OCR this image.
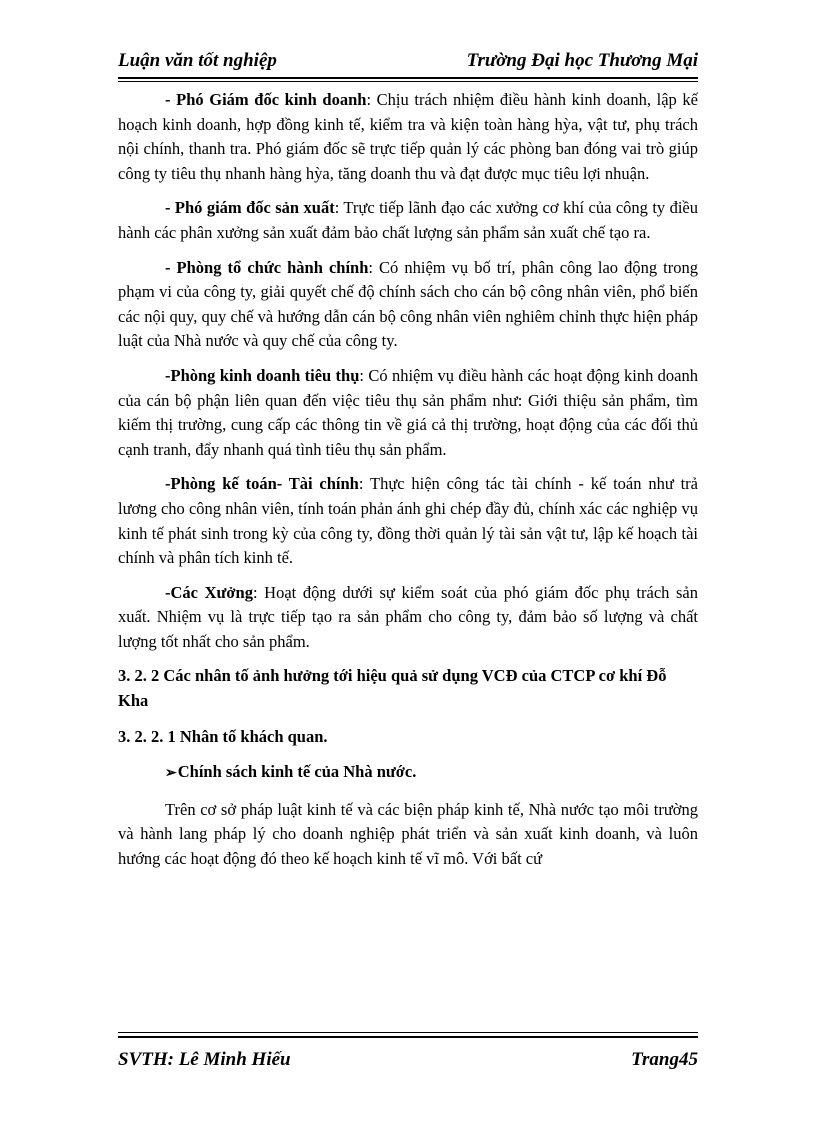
Luận văn tốt nghiệp	Trường Đại học Thương Mại

- Phó Giám đốc kinh doanh: Chịu trách nhiệm điều hành kinh doanh, lập kế hoạch kinh doanh, hợp đồng kinh tế, kiểm tra và kiện toàn hàng hỳa, vật tư, phụ trách nội chính, thanh tra. Phó giám đốc sẽ trực tiếp quản lý các phòng ban đóng vai trò giúp công ty tiêu thụ nhanh hàng hỳa, tăng doanh thu và đạt được mục tiêu lợi nhuận.

- Phó giám đốc sản xuất: Trực tiếp lãnh đạo các xưởng cơ khí của công ty điều hành các phân xưởng sản xuất đảm bảo chất lượng sản phẩm sản xuất chế tạo ra.

- Phòng tổ chức hành chính: Có nhiệm vụ bố trí, phân công lao động trong phạm vi của công ty, giải quyết chế độ chính sách cho cán bộ công nhân viên, phổ biến các nội quy, quy chế và hướng dẫn cán bộ công nhân viên nghiêm chỉnh thực hiện pháp luật của Nhà nước và quy chế của công ty.

-Phòng kinh doanh tiêu thụ: Có nhiệm vụ điều hành các hoạt động kinh doanh của cán bộ phận liên quan đến việc tiêu thụ sản phẩm như: Giới thiệu sản phẩm, tìm kiếm thị trường, cung cấp các thông tin về giá cả thị trường, hoạt động của các đối thủ cạnh tranh, đẩy nhanh quá tình tiêu thụ sản phẩm.

-Phòng kế toán- Tài chính: Thực hiện công tác tài chính - kế toán như trả lương cho công nhân viên, tính toán phản ánh ghi chép đầy đủ, chính xác các nghiệp vụ kinh tế phát sinh trong kỳ của công ty, đồng thời quản lý tài sản vật tư, lập kế hoạch tài chính và phân tích kinh tế.

-Các Xưởng: Hoạt động dưới sự kiểm soát của phó giám đốc phụ trách sản xuất. Nhiệm vụ là trực tiếp tạo ra sản phẩm cho công ty, đảm bảo số lượng và chất lượng tốt nhất cho sản phẩm.

3. 2. 2 Các nhân tố ảnh hưởng tới hiệu quả sử dụng VCĐ của CTCP cơ khí Đỗ Kha

3. 2. 2. 1 Nhân tố khách quan.

➢Chính sách kinh tế của Nhà nước.

Trên cơ sở pháp luật kinh tế và các biện pháp kinh tế, Nhà nước tạo môi trường và hành lang pháp lý cho doanh nghiệp phát triển và sản xuất kinh doanh, và luôn hướng các hoạt động đó theo kế hoạch kinh tế vĩ mô. Với bất cứ

SVTH: Lê Minh Hiếu	Trang45
